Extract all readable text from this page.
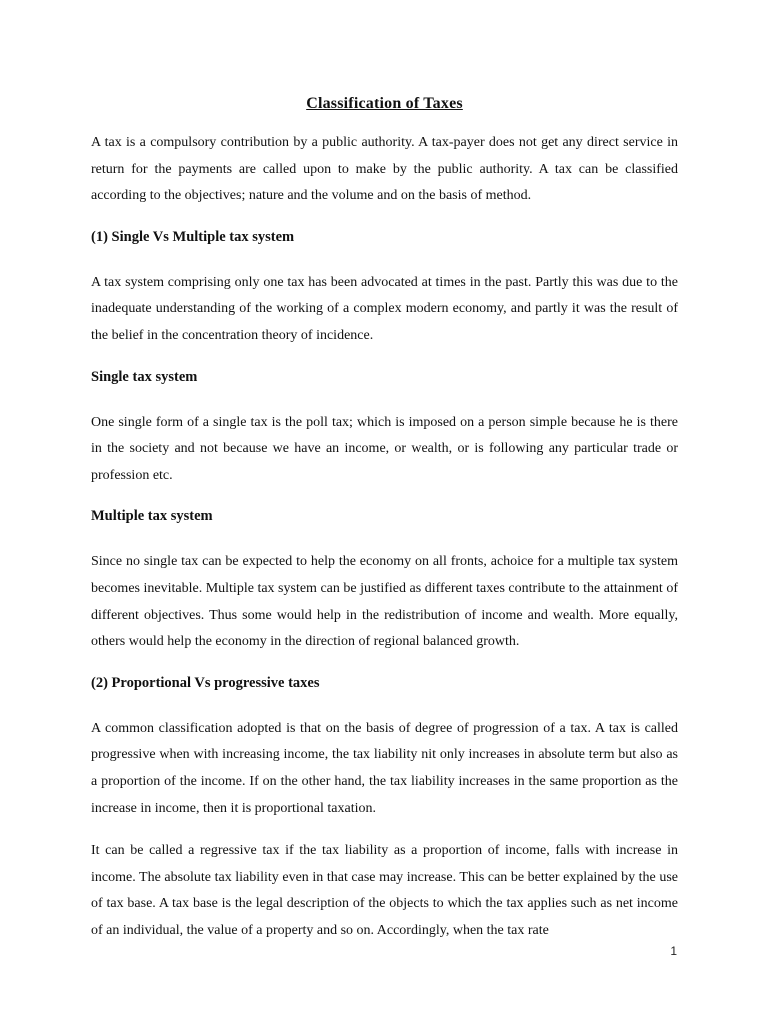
Classification of Taxes

A tax is a compulsory contribution by a public authority. A tax-payer does not get any direct service in return for the payments are called upon to make by the public authority. A tax can be classified according to the objectives; nature and the volume and on the basis of method.

(1) Single Vs Multiple tax system

A tax system comprising only one tax has been advocated at times in the past. Partly this was due to the inadequate understanding of the working of a complex modern economy, and partly it was the result of the belief in the concentration theory of incidence.

Single tax system

One single form of a single tax is the poll tax; which is imposed on a person simple because he is there in the society and not because we have an income, or wealth, or is following any particular trade or profession etc.

Multiple tax system

Since no single tax can be expected to help the economy on all fronts, achoice for a multiple tax system becomes inevitable. Multiple tax system can be justified as different taxes contribute to the attainment of different objectives. Thus some would help in the redistribution of income and wealth. More equally, others would help the economy in the direction of regional balanced growth.

(2) Proportional Vs progressive taxes

A common classification adopted is that on the basis of degree of progression of a tax. A tax is called progressive when with increasing income, the tax liability nit only increases in absolute term but also as a proportion of the income. If on the other hand, the tax liability increases in the same proportion as the increase in income, then it is proportional taxation.

It can be called a regressive tax if the tax liability as a proportion of income, falls with increase in income. The absolute tax liability even in that case may increase. This can be better explained by the use of tax base. A tax base is the legal description of the objects to which the tax applies such as net income of an individual, the value of a property and so on. Accordingly, when the tax rate

1
